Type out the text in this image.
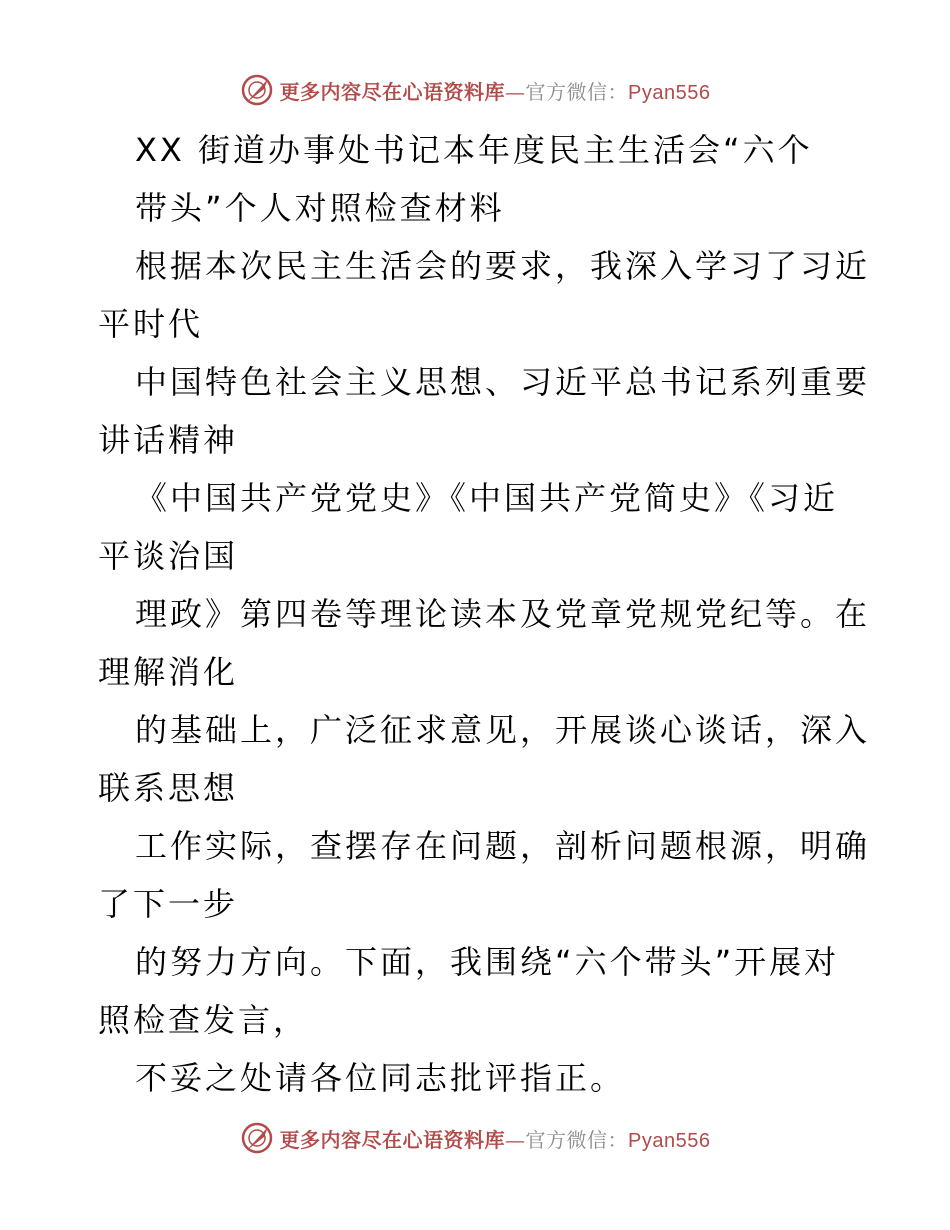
更多内容尽在心语资料库—官方微信：Pyan556
XX 街道办事处书记本年度民主生活会“六个
带头”个人对照检查材料
根据本次民主生活会的要求，我深入学习了习近
平时代
中国特色社会主义思想、习近平总书记系列重要
讲话精神
《中国共产党党史》《中国共产党简史》《习近
平谈治国
理政》第四卷等理论读本及党章党规党纪等。在
理解消化
的基础上，广泛征求意见，开展谈心谈话，深入
联系思想
工作实际，查摆存在问题，剖析问题根源，明确
了下一步
的努力方向。下面，我围绕“六个带头”开展对
照检查发言，
不妥之处请各位同志批评指正。
更多内容尽在心语资料库—官方微信：Pyan556
